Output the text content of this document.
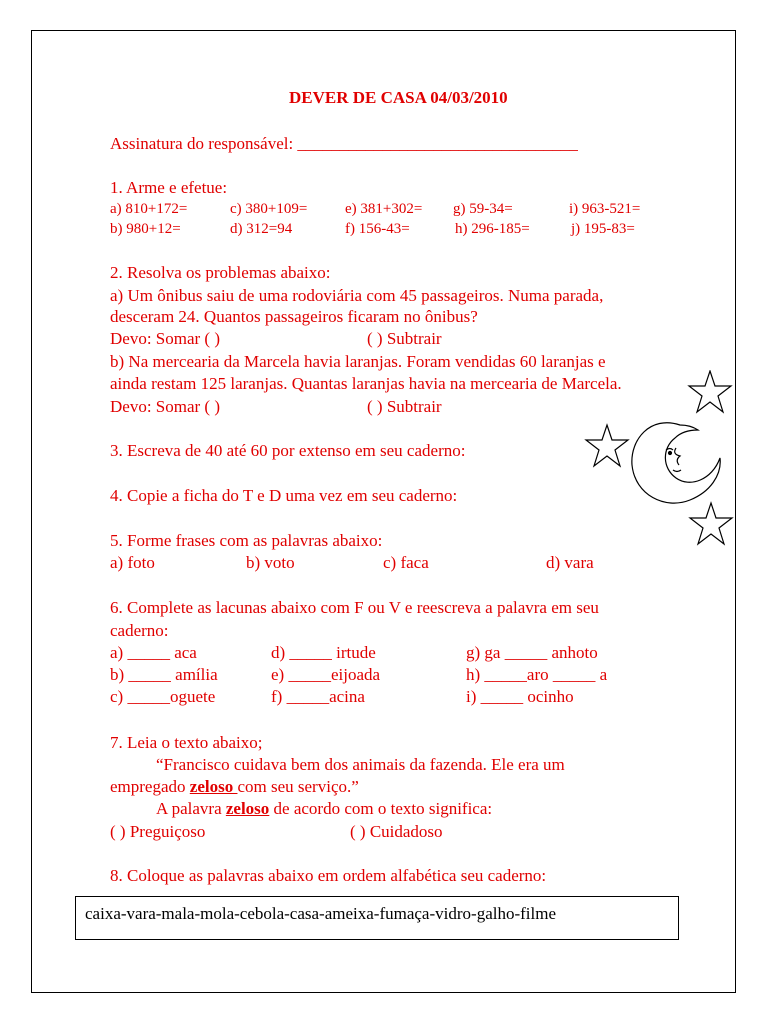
DEVER DE CASA 04/03/2010
Assinatura do responsável: _________________________________
1. Arme e efetue:
a) 810+172=	c) 380+109=	e) 381+302= g) 59-34=	i) 963-521=
b) 980+12=	d) 312=94	f) 156-43=	h) 296-185=	j) 195-83=
2. Resolva os problemas abaixo:
a) Um ônibus saiu de uma rodoviária com 45 passageiros. Numa parada,
desceram 24. Quantos passageiros ficaram no ônibus?
Devo: Somar ( )	( ) Subtrair
b) Na mercearia da Marcela havia laranjas. Foram vendidas 60 laranjas e
ainda restam 125 laranjas. Quantas laranjas havia na mercearia de Marcela.
Devo: Somar ( )	( ) Subtrair
3. Escreva de 40 até 60 por extenso em seu caderno:
4. Copie a ficha do T e D uma vez em seu caderno:
5. Forme frases com as palavras abaixo:
a) foto	b) voto	c) faca	d) vara
6. Complete as lacunas abaixo com F ou V e reescreva a palavra em seu
caderno:
a) _____ aca	d) _____ irtude	g) ga _____ anhoto
b) _____ amília	e) _____eijoada	h) _____aro _____ a
c) _____oguete	f) _____acina	i) _____ ocinho
7. Leia o texto abaixo;
“Francisco cuidava bem dos animais da fazenda. Ele era um
empregado zeloso com seu serviço.”
A palavra zeloso de acordo com o texto significa:
( ) Preguiçoso	( ) Cuidadoso
8. Coloque as palavras abaixo em ordem alfabética seu caderno:
caixa-vara-mala-mola-cebola-casa-ameixa-fumaça-vidro-galho-filme
